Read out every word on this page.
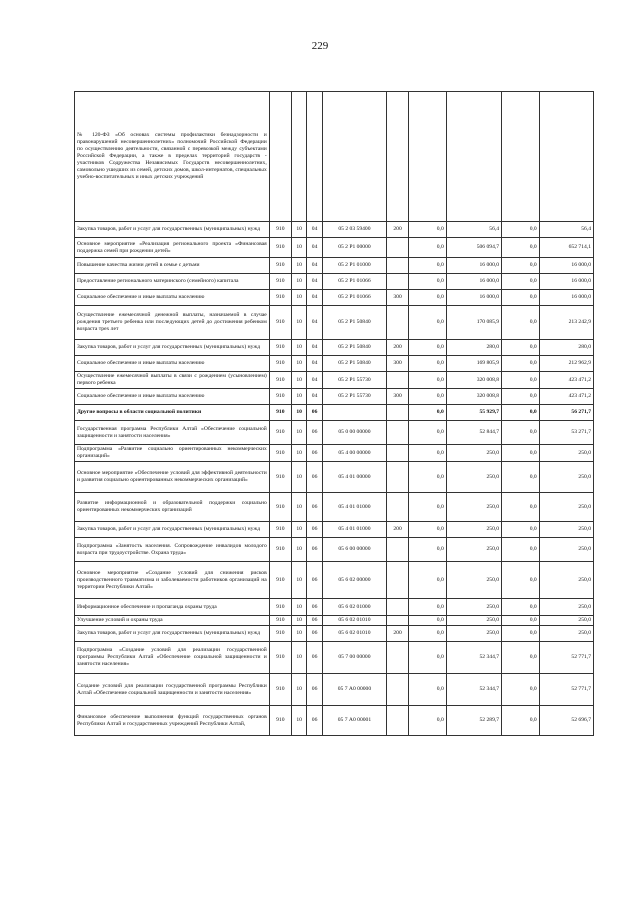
229
№ 120-ФЗ «Об основах системы профилактики безнадзорности и правонарушений несовершеннолетних» полномочий Российской Федерации по осуществлению деятельности, связанной с перевозкой между субъектами Российской Федерации, а также в пределах территорий государств - участников Содружества Независимых Государств несовершеннолетних, самовольно ушедших из семей, детских домов, школ-интернатов, специальных учебно-воспитательных и иных детских учреждений									
Закупка товаров, работ и услуг для государственных (муниципальных) нужд	910	10	04	05 2 03 59400	200	0,0	56,4	0,0	56,4
Основное мероприятие «Реализация регионального проекта «Финансовая поддержка семей при рождении детей»	910	10	04	05 2 P1 00000		0,0	506 094,7	0,0	652 714,1
Повышение качества жизни детей в семье с детьми	910	10	04	05 2 P1 01000		0,0	16 000,0	0,0	16 000,0
Предоставление регионального материнского (семейного) капитала	910	10	04	05 2 P1 01066		0,0	16 000,0	0,0	16 000,0
Социальное обеспечение и иные выплаты населению	910	10	04	05 2 P1 01066	300	0,0	16 000,0	0,0	16 000,0
Осуществление ежемесячной денежной выплаты, назначаемой в случае рождения третьего ребенка или последующих детей до достижения ребенком возраста трех лет	910	10	04	05 2 P1 50840		0,0	170 085,9	0,0	213 242,9
Закупка товаров, работ и услуг для государственных (муниципальных) нужд	910	10	04	05 2 P1 50840	200	0,0	280,0	0,0	280,0
Социальное обеспечение и иные выплаты населению	910	10	04	05 2 P1 50840	300	0,0	169 805,9	0,0	212 962,9
Осуществление ежемесячной выплаты в связи с рождением (усыновлением) первого ребенка	910	10	04	05 2 P1 55730		0,0	320 008,8	0,0	423 471,2
Социальное обеспечение и иные выплаты населению	910	10	04	05 2 P1 55730	300	0,0	320 008,8	0,0	423 471,2
Другие вопросы в области социальной политики	910	10	06			0,0	55 929,7	0,0	56 271,7
Государственная программа Республики Алтай «Обеспечение социальной защищенности и занятости населения»	910	10	06	05 0 00 00000		0,0	52 844,7	0,0	53 271,7
Подпрограмма «Развитие социально ориентированных некоммерческих организаций»	910	10	06	05 4 00 00000		0,0	250,0	0,0	250,0
Основное мероприятие «Обеспечение условий для эффективной деятельности и развития социально ориентированных некоммерческих организаций»	910	10	06	05 4 01 00000		0,0	250,0	0,0	250,0
Развитие информационной и образовательной поддержки социально ориентированных некоммерческих организаций	910	10	06	05 4 01 01000		0,0	250,0	0,0	250,0
Закупка товаров, работ и услуг для государственных (муниципальных) нужд	910	10	06	05 4 01 01000	200	0,0	250,0	0,0	250,0
Подпрограмма «Занятость населения. Сопровождение инвалидов молодого возраста при трудоустройстве. Охрана труда»	910	10	06	05 6 00 00000		0,0	250,0	0,0	250,0
Основное мероприятие «Создание условий для снижения рисков производственного травматизма и заболеваемости работников организаций на территории Республики Алтай»	910	10	06	05 6 02 00000		0,0	250,0	0,0	250,0
Информационное обеспечение и пропаганда охраны труда	910	10	06	05 6 02 01000		0,0	250,0	0,0	250,0
Улучшение условий и охраны труда	910	10	06	05 6 02 01010		0,0	250,0	0,0	250,0
Закупка товаров, работ и услуг для государственных (муниципальных) нужд	910	10	06	05 6 02 01010	200	0,0	250,0	0,0	250,0
Подпрограмма «Создание условий для реализации государственной программы Республики Алтай «Обеспечение социальной защищенности и занятости населения»	910	10	06	05 7 00 00000		0,0	52 344,7	0,0	52 771,7
Создание условий для реализации государственной программы Республики Алтай «Обеспечение социальной защищенности и занятости населения»	910	10	06	05 7 А0 00000		0,0	52 344,7	0,0	52 771,7
Финансовое обеспечение выполнения функций государственных органов Республики Алтай и государственных учреждений Республики Алтай,	910	10	06	05 7 А0 00001		0,0	52 289,7	0,0	52 696,7
